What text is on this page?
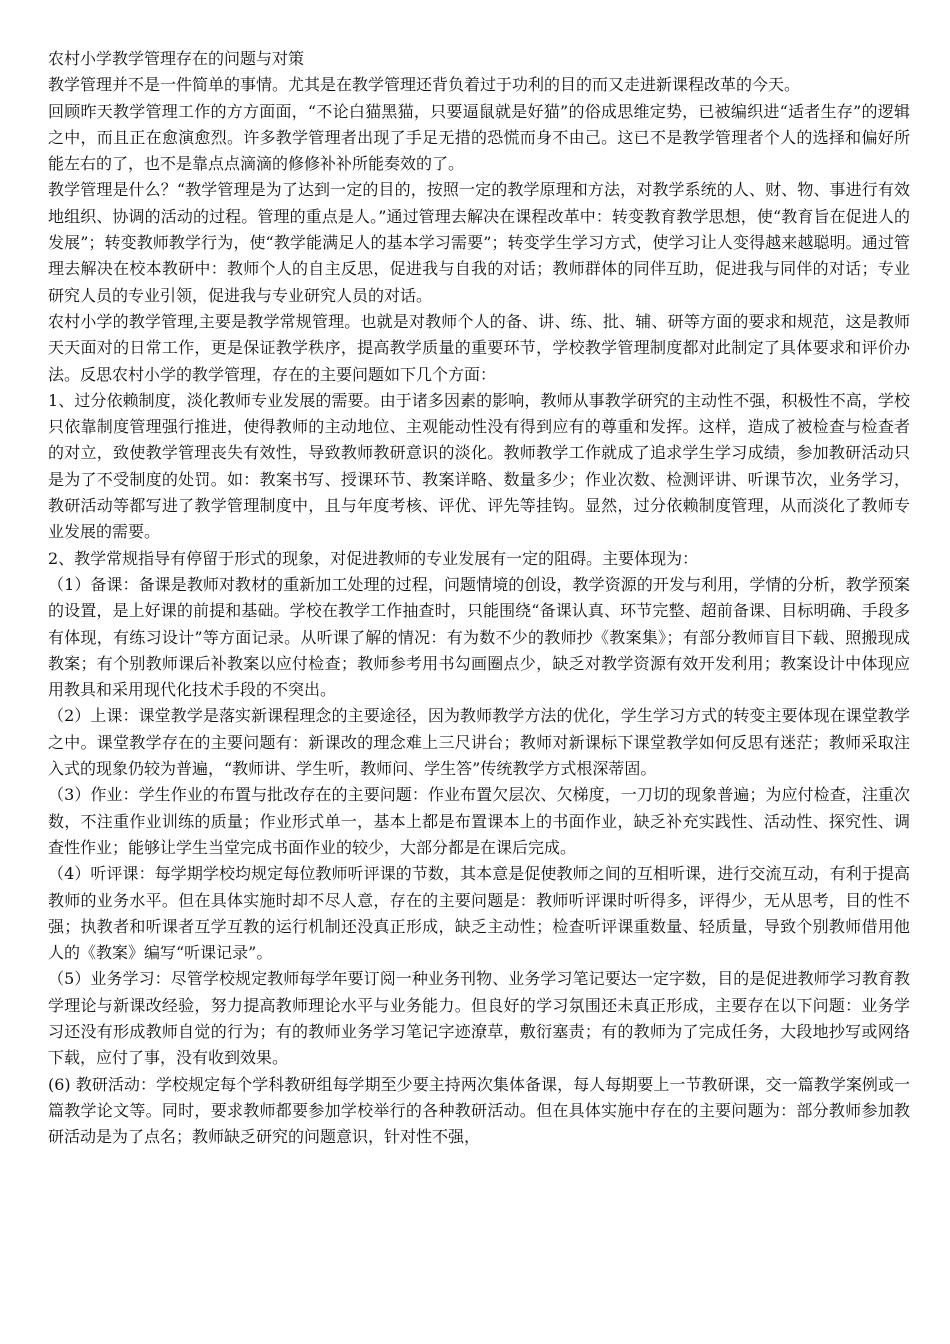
农村小学教学管理存在的问题与对策

教学管理并不是一件简单的事情。尤其是在教学管理还背负着过于功利的目的而又走进新课程改革的今天。

回顾昨天教学管理工作的方方面面，“不论白猫黑猫，只要逼鼠就是好猫”的俗成思维定势，已被编织进“适者生存”的逻辑之中，而且正在愈演愈烈。许多教学管理者出现了手足无措的恐慌而身不由己。这已不是教学管理者个人的选择和偏好所能左右的了，也不是靠点点滴滴的修修补补所能奏效的了。

教学管理是什么？“教学管理是为了达到一定的目的，按照一定的教学原理和方法，对教学系统的人、财、物、事进行有效地组织、协调的活动的过程。管理的重点是人。”通过管理去解决在课程改革中：转变教育教学思想，使“教育旨在促进人的发展”；转变教师教学行为，使“教学能满足人的基本学习需要”；转变学生学习方式，使学习让人变得越来越聪明。通过管理去解决在校本教研中：教师个人的自主反思，促进我与自我的对话；教师群体的同伴互助，促进我与同伴的对话；专业研究人员的专业引领，促进我与专业研究人员的对话。

农村小学的教学管理,主要是教学常规管理。也就是对教师个人的备、讲、练、批、辅、研等方面的要求和规范，这是教师天天面对的日常工作，更是保证教学秩序，提高教学质量的重要环节，学校教学管理制度都对此制定了具体要求和评价办法。反思农村小学的教学管理，存在的主要问题如下几个方面：

1、过分依赖制度，淡化教师专业发展的需要。由于诸多因素的影响，教师从事教学研究的主动性不强，积极性不高，学校只依靠制度管理强行推进，使得教师的主动地位、主观能动性没有得到应有的尊重和发挥。这样，造成了被检查与检查者的对立，致使教学管理丧失有效性，导致教师教研意识的淡化。教师教学工作就成了追求学生学习成绩，参加教研活动只是为了不受制度的处罚。如：教案书写、授课环节、教案详略、数量多少；作业次数、检测评讲、听课节次，业务学习，教研活动等都写进了教学管理制度中，且与年度考核、评优、评先等挂钩。显然，过分依赖制度管理，从而淡化了教师专业发展的需要。

2、教学常规指导有停留于形式的现象，对促进教师的专业发展有一定的阻碍。主要体现为：

（1）备课：备课是教师对教材的重新加工处理的过程，问题情境的创设，教学资源的开发与利用，学情的分析，教学预案的设置，是上好课的前提和基础。学校在教学工作抽查时，只能围绕“备课认真、环节完整、超前备课、目标明确、手段多有体现，有练习设计”等方面记录。从听课了解的情况：有为数不少的教师抄《教案集》；有部分教师盲目下载、照搬现成教案；有个别教师课后补教案以应付检查；教师参考用书勾画圈点少，缺乏对教学资源有效开发利用；教案设计中体现应用教具和采用现代化技术手段的不突出。

（2）上课：课堂教学是落实新课程理念的主要途径，因为教师教学方法的优化，学生学习方式的转变主要体现在课堂教学之中。课堂教学存在的主要问题有：新课改的理念难上三尺讲台；教师对新课标下课堂教学如何反思有迷茫；教师采取注入式的现象仍较为普遍，“教师讲、学生听，教师问、学生答”传统教学方式根深蒂固。

（3）作业：学生作业的布置与批改存在的主要问题：作业布置欠层次、欠梯度，一刀切的现象普遍；为应付检查，注重次数，不注重作业训练的质量；作业形式单一，基本上都是布置课本上的书面作业，缺乏补充实践性、活动性、探究性、调查性作业；能够让学生当堂完成书面作业的较少，大部分都是在课后完成。

（4）听评课：每学期学校均规定每位教师听评课的节数，其本意是促使教师之间的互相听课，进行交流互动，有利于提高教师的业务水平。但在具体实施时却不尽人意，存在的主要问题是：教师听评课时听得多，评得少，无从思考，目的性不强；执教者和听课者互学互教的运行机制还没真正形成，缺乏主动性；检查听评课重数量、轻质量，导致个别教师借用他人的《教案》编写“听课记录”。

（5）业务学习：尽管学校规定教师每学年要订阅一种业务刊物、业务学习笔记要达一定字数，目的是促进教师学习教育教学理论与新课改经验，努力提高教师理论水平与业务能力。但良好的学习氛围还未真正形成，主要存在以下问题：业务学习还没有形成教师自觉的行为；有的教师业务学习笔记字迹潦草，敷衍塞责；有的教师为了完成任务，大段地抄写或网络下载，应付了事，没有收到效果。

(6) 教研活动：学校规定每个学科教研组每学期至少要主持两次集体备课，每人每期要上一节教研课，交一篇教学案例或一篇教学论文等。同时，要求教师都要参加学校举行的各种教研活动。但在具体实施中存在的主要问题为：部分教师参加教研活动是为了点名；教师缺乏研究的问题意识，针对性不强，
